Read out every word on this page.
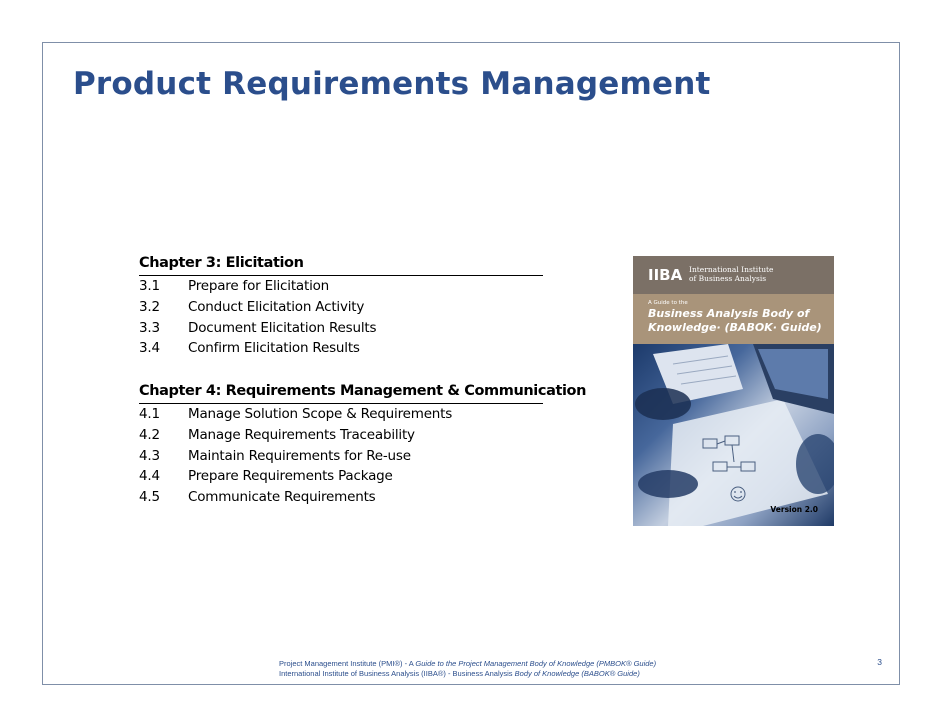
Product Requirements Management
Chapter 3: Elicitation
3.1	Prepare for Elicitation
3.2	Conduct Elicitation Activity
3.3	Document Elicitation Results
3.4	Confirm Elicitation Results
Chapter 4: Requirements Management & Communication
4.1	Manage Solution Scope & Requirements
4.2	Manage Requirements Traceability
4.3	Maintain Requirements for Re-use
4.4	Prepare Requirements Package
4.5	Communicate Requirements
IIBA International Institute
of Business Analysis
A Guide to the
Business Analysis Body of
Knowledge· (BABOK· Guide)
Version 2.0
Project Management Institute (PMI®) - A Guide to the Project Management Body of Knowledge (PMBOK® Guide)
International Institute of Business Analysis (IIBA®) - Business Analysis Body of Knowledge (BABOK® Guide)
3
